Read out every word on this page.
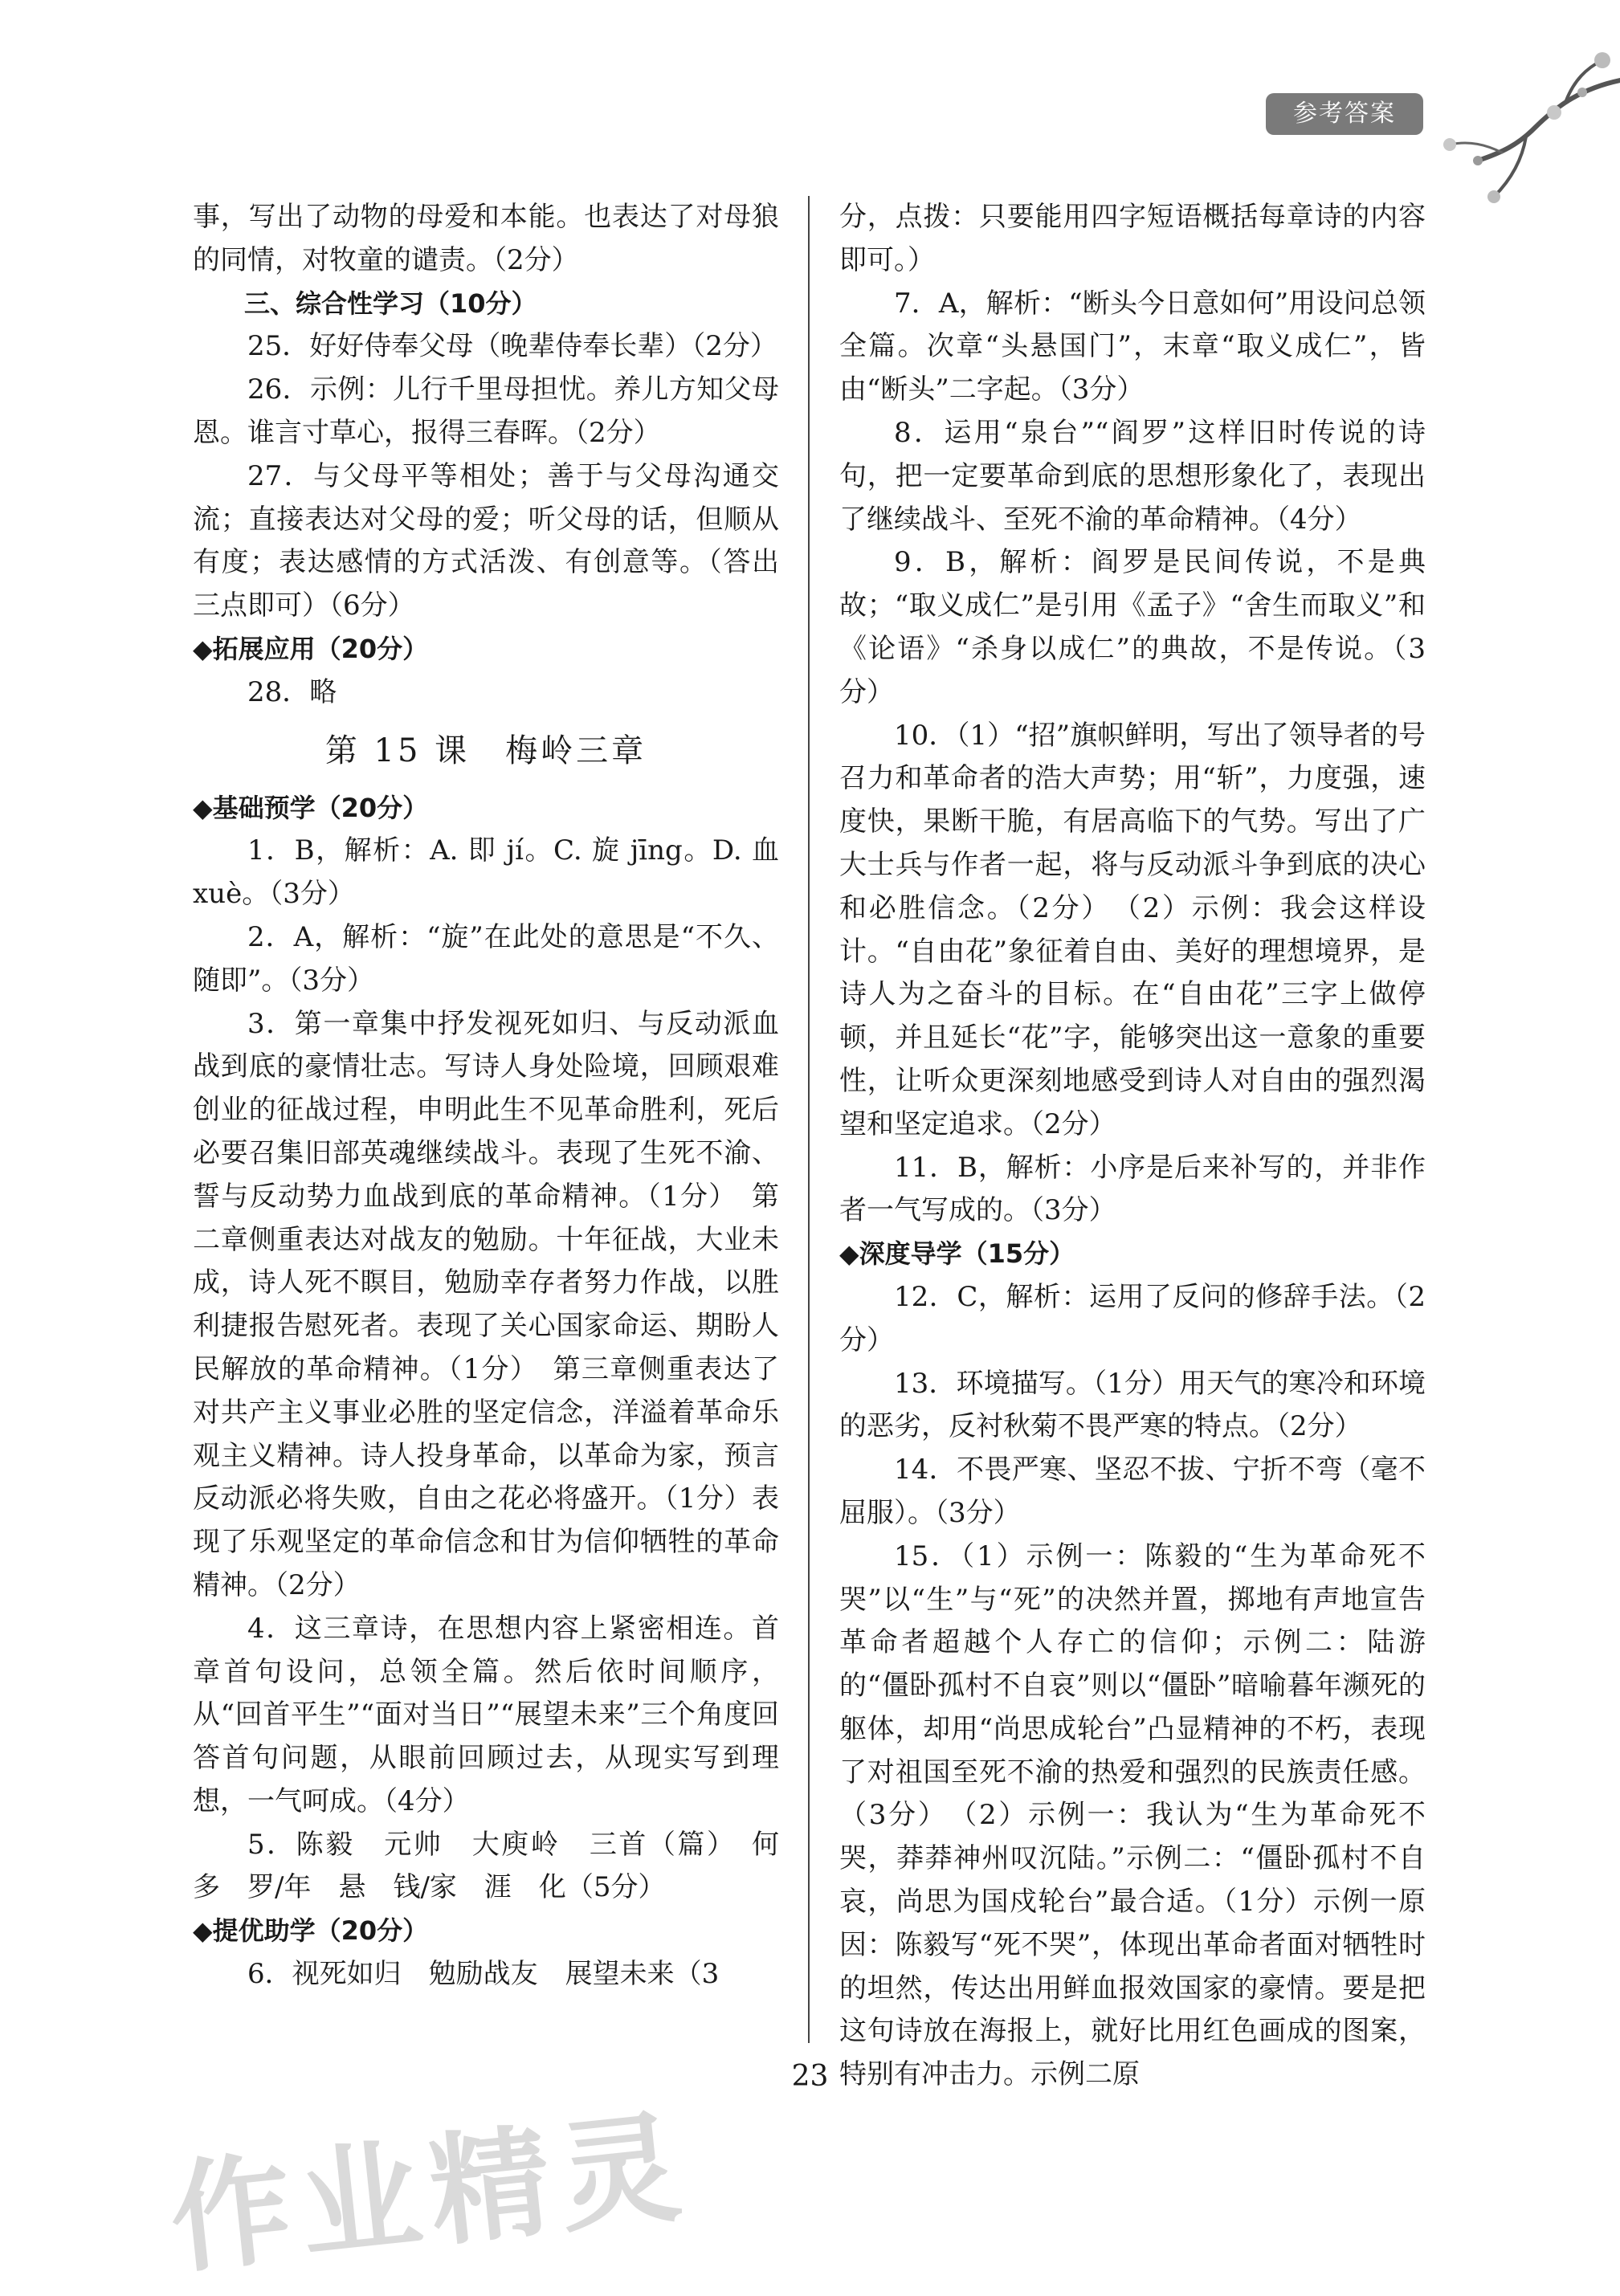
参考答案

事，写出了动物的母爱和本能。也表达了对母狼的同情，对牧童的谴责。（2分）

三、综合性学习（10分）

25．好好侍奉父母（晚辈侍奉长辈）（2分）

26．示例：儿行千里母担忧。养儿方知父母恩。谁言寸草心，报得三春晖。（2分）

27．与父母平等相处；善于与父母沟通交流；直接表达对父母的爱；听父母的话，但顺从有度；表达感情的方式活泼、有创意等。（答出三点即可）（6分）

◆拓展应用（20分）

28．略

第 15 课　梅岭三章

◆基础预学（20分）

1．B，解析：A. 即 jí。C. 旋 jīng。D. 血 xuè。（3分）

2．A，解析：“旋”在此处的意思是“不久、随即”。（3分）

3．第一章集中抒发视死如归、与反动派血战到底的豪情壮志。写诗人身处险境，回顾艰难创业的征战过程，申明此生不见革命胜利，死后必要召集旧部英魂继续战斗。表现了生死不渝、誓与反动势力血战到底的革命精神。（1分）　第二章侧重表达对战友的勉励。十年征战，大业未成，诗人死不瞑目，勉励幸存者努力作战，以胜利捷报告慰死者。表现了关心国家命运、期盼人民解放的革命精神。（1分）　第三章侧重表达了对共产主义事业必胜的坚定信念，洋溢着革命乐观主义精神。诗人投身革命，以革命为家，预言反动派必将失败，自由之花必将盛开。（1分）表现了乐观坚定的革命信念和甘为信仰牺牲的革命精神。（2分）

4．这三章诗，在思想内容上紧密相连。首章首句设问，总领全篇。然后依时间顺序，从“回首平生”“面对当日”“展望未来”三个角度回答首句问题，从眼前回顾过去，从现实写到理想，一气呵成。（4分）

5．陈毅　元帅　大庾岭　三首（篇）　何　多　罗/年　悬　钱/家　涯　化（5分）

◆提优助学（20分）

6．视死如归　勉励战友　展望未来（3

分，点拨：只要能用四字短语概括每章诗的内容即可。）

7．A，解析：“断头今日意如何”用设问总领全篇。次章“头悬国门”，末章“取义成仁”，皆由“断头”二字起。（3分）

8．运用“泉台”“阎罗”这样旧时传说的诗句，把一定要革命到底的思想形象化了，表现出了继续战斗、至死不渝的革命精神。（4分）

9．B，解析：阎罗是民间传说，不是典故；“取义成仁”是引用《孟子》“舍生而取义”和《论语》“杀身以成仁”的典故，不是传说。（3分）

10．（1）“招”旗帜鲜明，写出了领导者的号召力和革命者的浩大声势；用“斩”，力度强，速度快，果断干脆，有居高临下的气势。写出了广大士兵与作者一起，将与反动派斗争到底的决心和必胜信念。（2分）　（2）示例：我会这样设计。“自由花”象征着自由、美好的理想境界，是诗人为之奋斗的目标。在“自由花”三字上做停顿，并且延长“花”字，能够突出这一意象的重要性，让听众更深刻地感受到诗人对自由的强烈渴望和坚定追求。（2分）

11．B，解析：小序是后来补写的，并非作者一气写成的。（3分）

◆深度导学（15分）

12．C，解析：运用了反问的修辞手法。（2分）

13．环境描写。（1分）用天气的寒冷和环境的恶劣，反衬秋菊不畏严寒的特点。（2分）

14．不畏严寒、坚忍不拔、宁折不弯（毫不屈服）。（3分）

15．（1）示例一：陈毅的“生为革命死不哭”以“生”与“死”的决然并置，掷地有声地宣告革命者超越个人存亡的信仰；示例二：陆游的“僵卧孤村不自哀”则以“僵卧”暗喻暮年濒死的躯体，却用“尚思成轮台”凸显精神的不朽，表现了对祖国至死不渝的热爱和强烈的民族责任感。（3分）　（2）示例一：我认为“生为革命死不哭，莽莽神州叹沉陆。”示例二：“僵卧孤村不自哀，尚思为国戍轮台”最合适。（1分）示例一原因：陈毅写“死不哭”，体现出革命者面对牺牲时的坦然，传达出用鲜血报效国家的豪情。要是把这句诗放在海报上，就好比用红色画成的图案，特别有冲击力。示例二原

23
作业精灵
